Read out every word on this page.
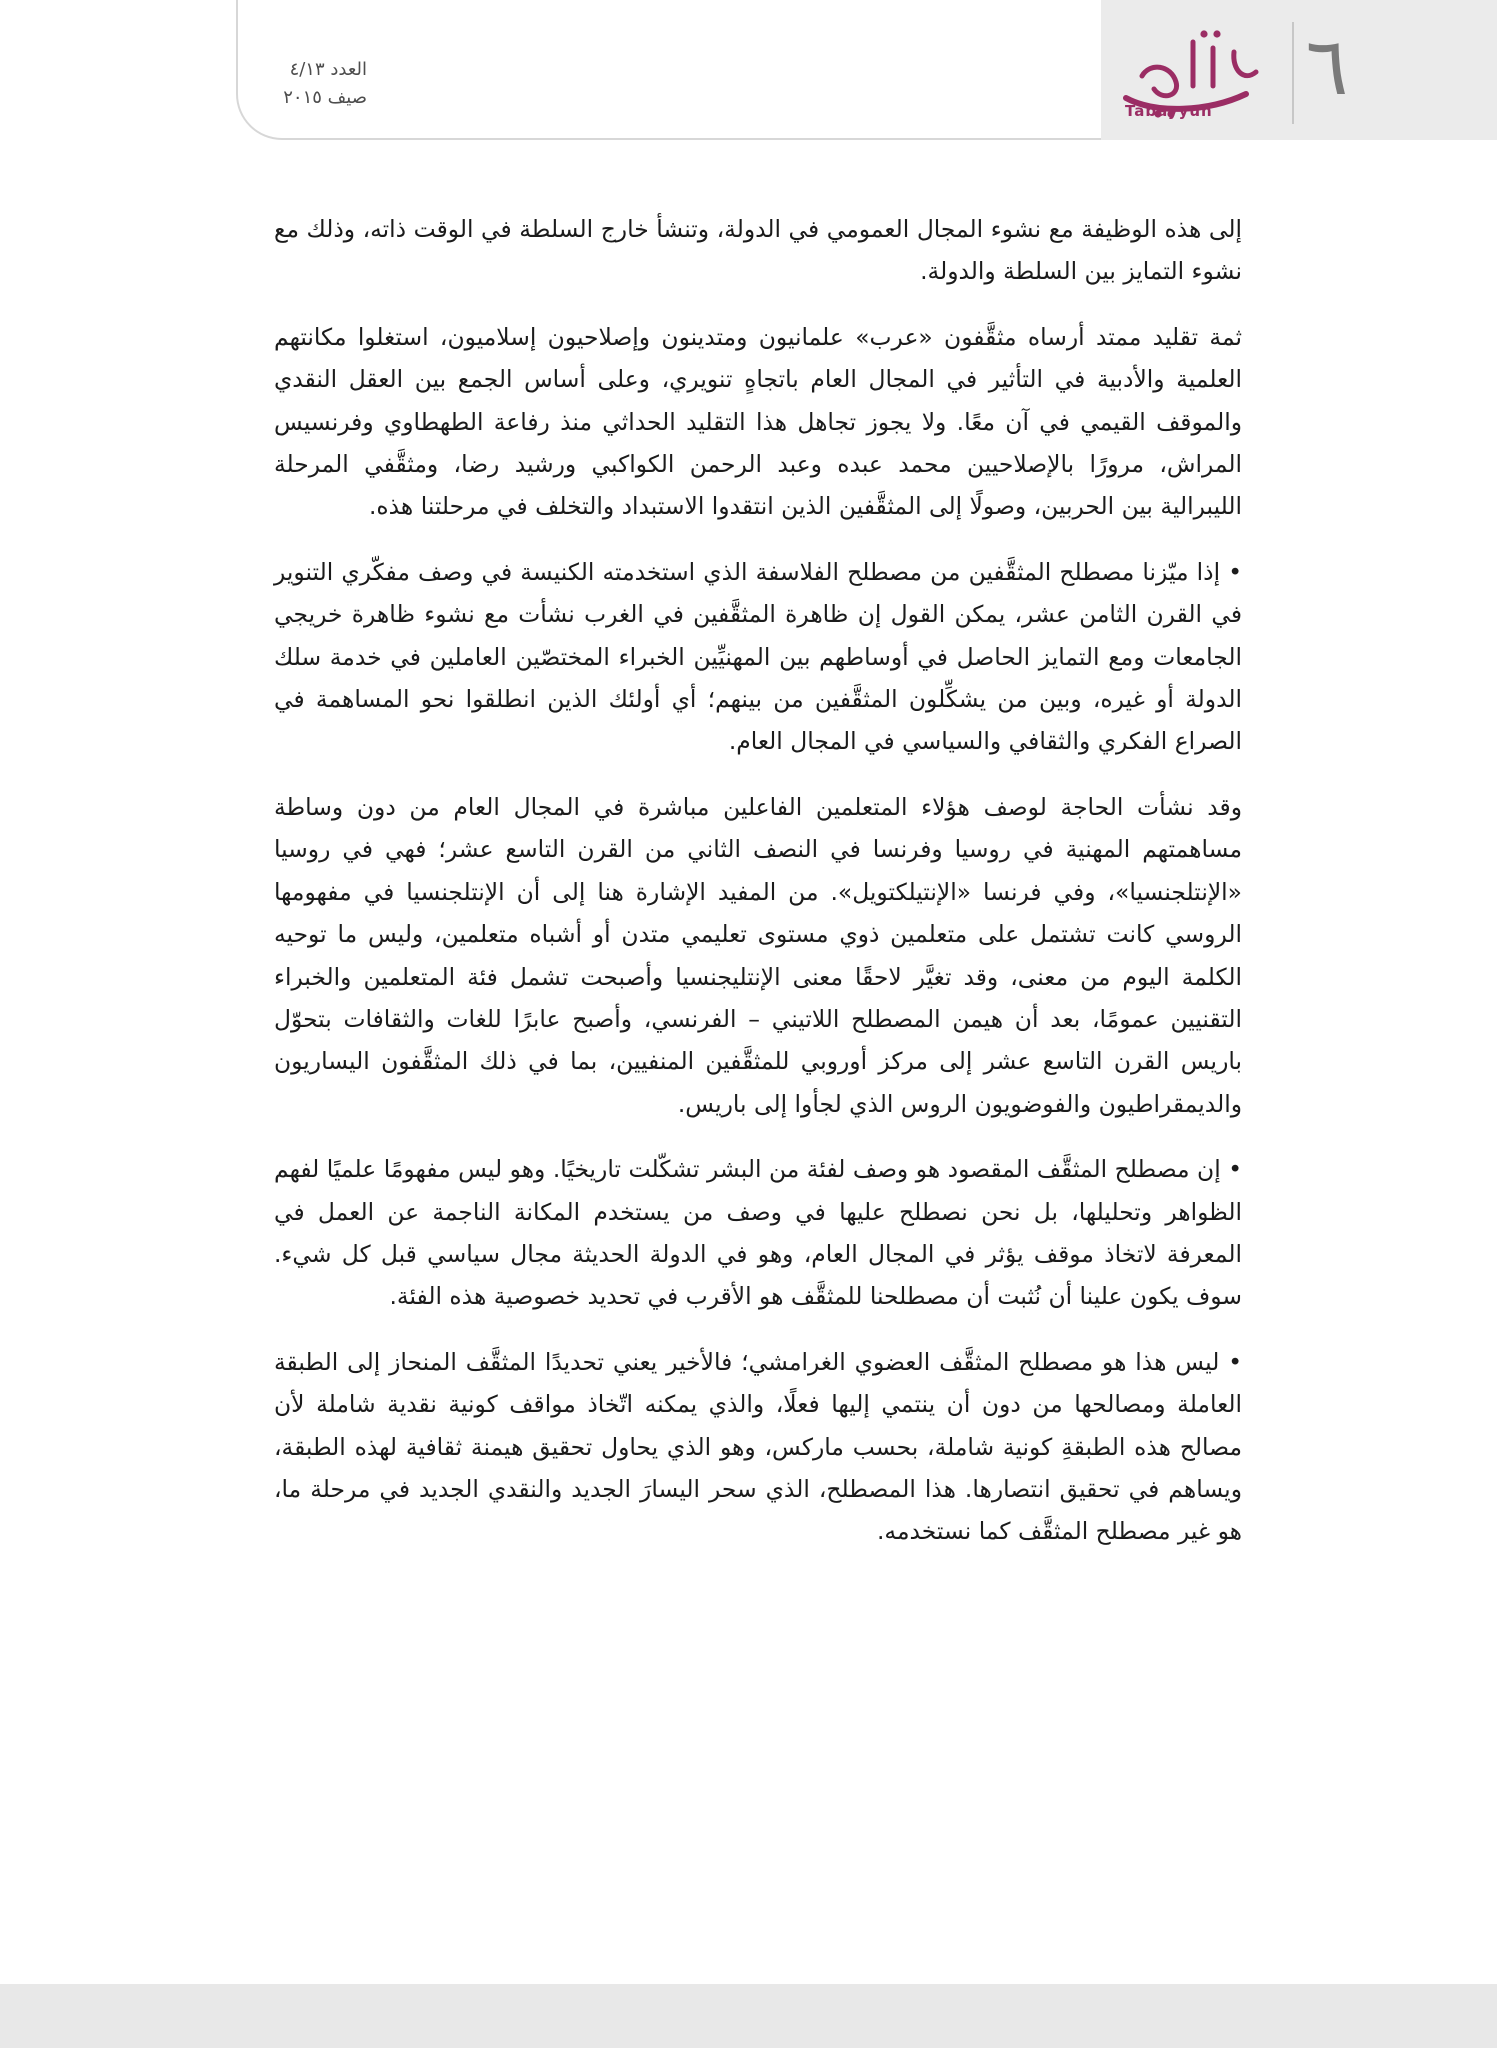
٦
Tabayyun
العدد ٤/١٣
صيف ٢٠١٥

إلى هذه الوظيفة مع نشوء المجال العمومي في الدولة، وتنشأ خارج السلطة في الوقت ذاته، وذلك مع نشوء التمايز بين السلطة والدولة.

ثمة تقليد ممتد أرساه مثقَّفون «عرب» علمانيون ومتدينون وإصلاحيون إسلاميون، استغلوا مكانتهم العلمية والأدبية في التأثير في المجال العام باتجاهٍ تنويري، وعلى أساس الجمع بين العقل النقدي والموقف القيمي في آن معًا. ولا يجوز تجاهل هذا التقليد الحداثي منذ رفاعة الطهطاوي وفرنسيس المراش، مرورًا بالإصلاحيين محمد عبده وعبد الرحمن الكواكبي ورشيد رضا، ومثقَّفي المرحلة الليبرالية بين الحربين، وصولًا إلى المثقَّفين الذين انتقدوا الاستبداد والتخلف في مرحلتنا هذه.

• إذا ميّزنا مصطلح المثقَّفين من مصطلح الفلاسفة الذي استخدمته الكنيسة في وصف مفكّري التنوير في القرن الثامن عشر، يمكن القول إن ظاهرة المثقَّفين في الغرب نشأت مع نشوء ظاهرة خريجي الجامعات ومع التمايز الحاصل في أوساطهم بين المهنيِّين الخبراء المختصّين العاملين في خدمة سلك الدولة أو غيره، وبين من يشكِّلون المثقَّفين من بينهم؛ أي أولئك الذين انطلقوا نحو المساهمة في الصراع الفكري والثقافي والسياسي في المجال العام.

وقد نشأت الحاجة لوصف هؤلاء المتعلمين الفاعلين مباشرة في المجال العام من دون وساطة مساهمتهم المهنية في روسيا وفرنسا في النصف الثاني من القرن التاسع عشر؛ فهي في روسيا «الإنتلجنسيا»، وفي فرنسا «الإنتيلكتويل». من المفيد الإشارة هنا إلى أن الإنتلجنسيا في مفهومها الروسي كانت تشتمل على متعلمين ذوي مستوى تعليمي متدن أو أشباه متعلمين، وليس ما توحيه الكلمة اليوم من معنى، وقد تغيَّر لاحقًا معنى الإنتليجنسيا وأصبحت تشمل فئة المتعلمين والخبراء التقنيين عمومًا، بعد أن هيمن المصطلح اللاتيني – الفرنسي، وأصبح عابرًا للغات والثقافات بتحوّل باريس القرن التاسع عشر إلى مركز أوروبي للمثقَّفين المنفيين، بما في ذلك المثقَّفون اليساريون والديمقراطيون والفوضويون الروس الذي لجأوا إلى باريس.

• إن مصطلح المثقَّف المقصود هو وصف لفئة من البشر تشكّلت تاريخيًا. وهو ليس مفهومًا علميًا لفهم الظواهر وتحليلها، بل نحن نصطلح عليها في وصف من يستخدم المكانة الناجمة عن العمل في المعرفة لاتخاذ موقف يؤثر في المجال العام، وهو في الدولة الحديثة مجال سياسي قبل كل شيء. سوف يكون علينا أن نُثبت أن مصطلحنا للمثقَّف هو الأقرب في تحديد خصوصية هذه الفئة.

• ليس هذا هو مصطلح المثقَّف العضوي الغرامشي؛ فالأخير يعني تحديدًا المثقَّف المنحاز إلى الطبقة العاملة ومصالحها من دون أن ينتمي إليها فعلًا، والذي يمكنه اتّخاذ مواقف كونية نقدية شاملة لأن مصالح هذه الطبقةِ كونية شاملة، بحسب ماركس، وهو الذي يحاول تحقيق هيمنة ثقافية لهذه الطبقة، ويساهم في تحقيق انتصارها. هذا المصطلح، الذي سحر اليسارَ الجديد والنقدي الجديد في مرحلة ما، هو غير مصطلح المثقَّف كما نستخدمه.
